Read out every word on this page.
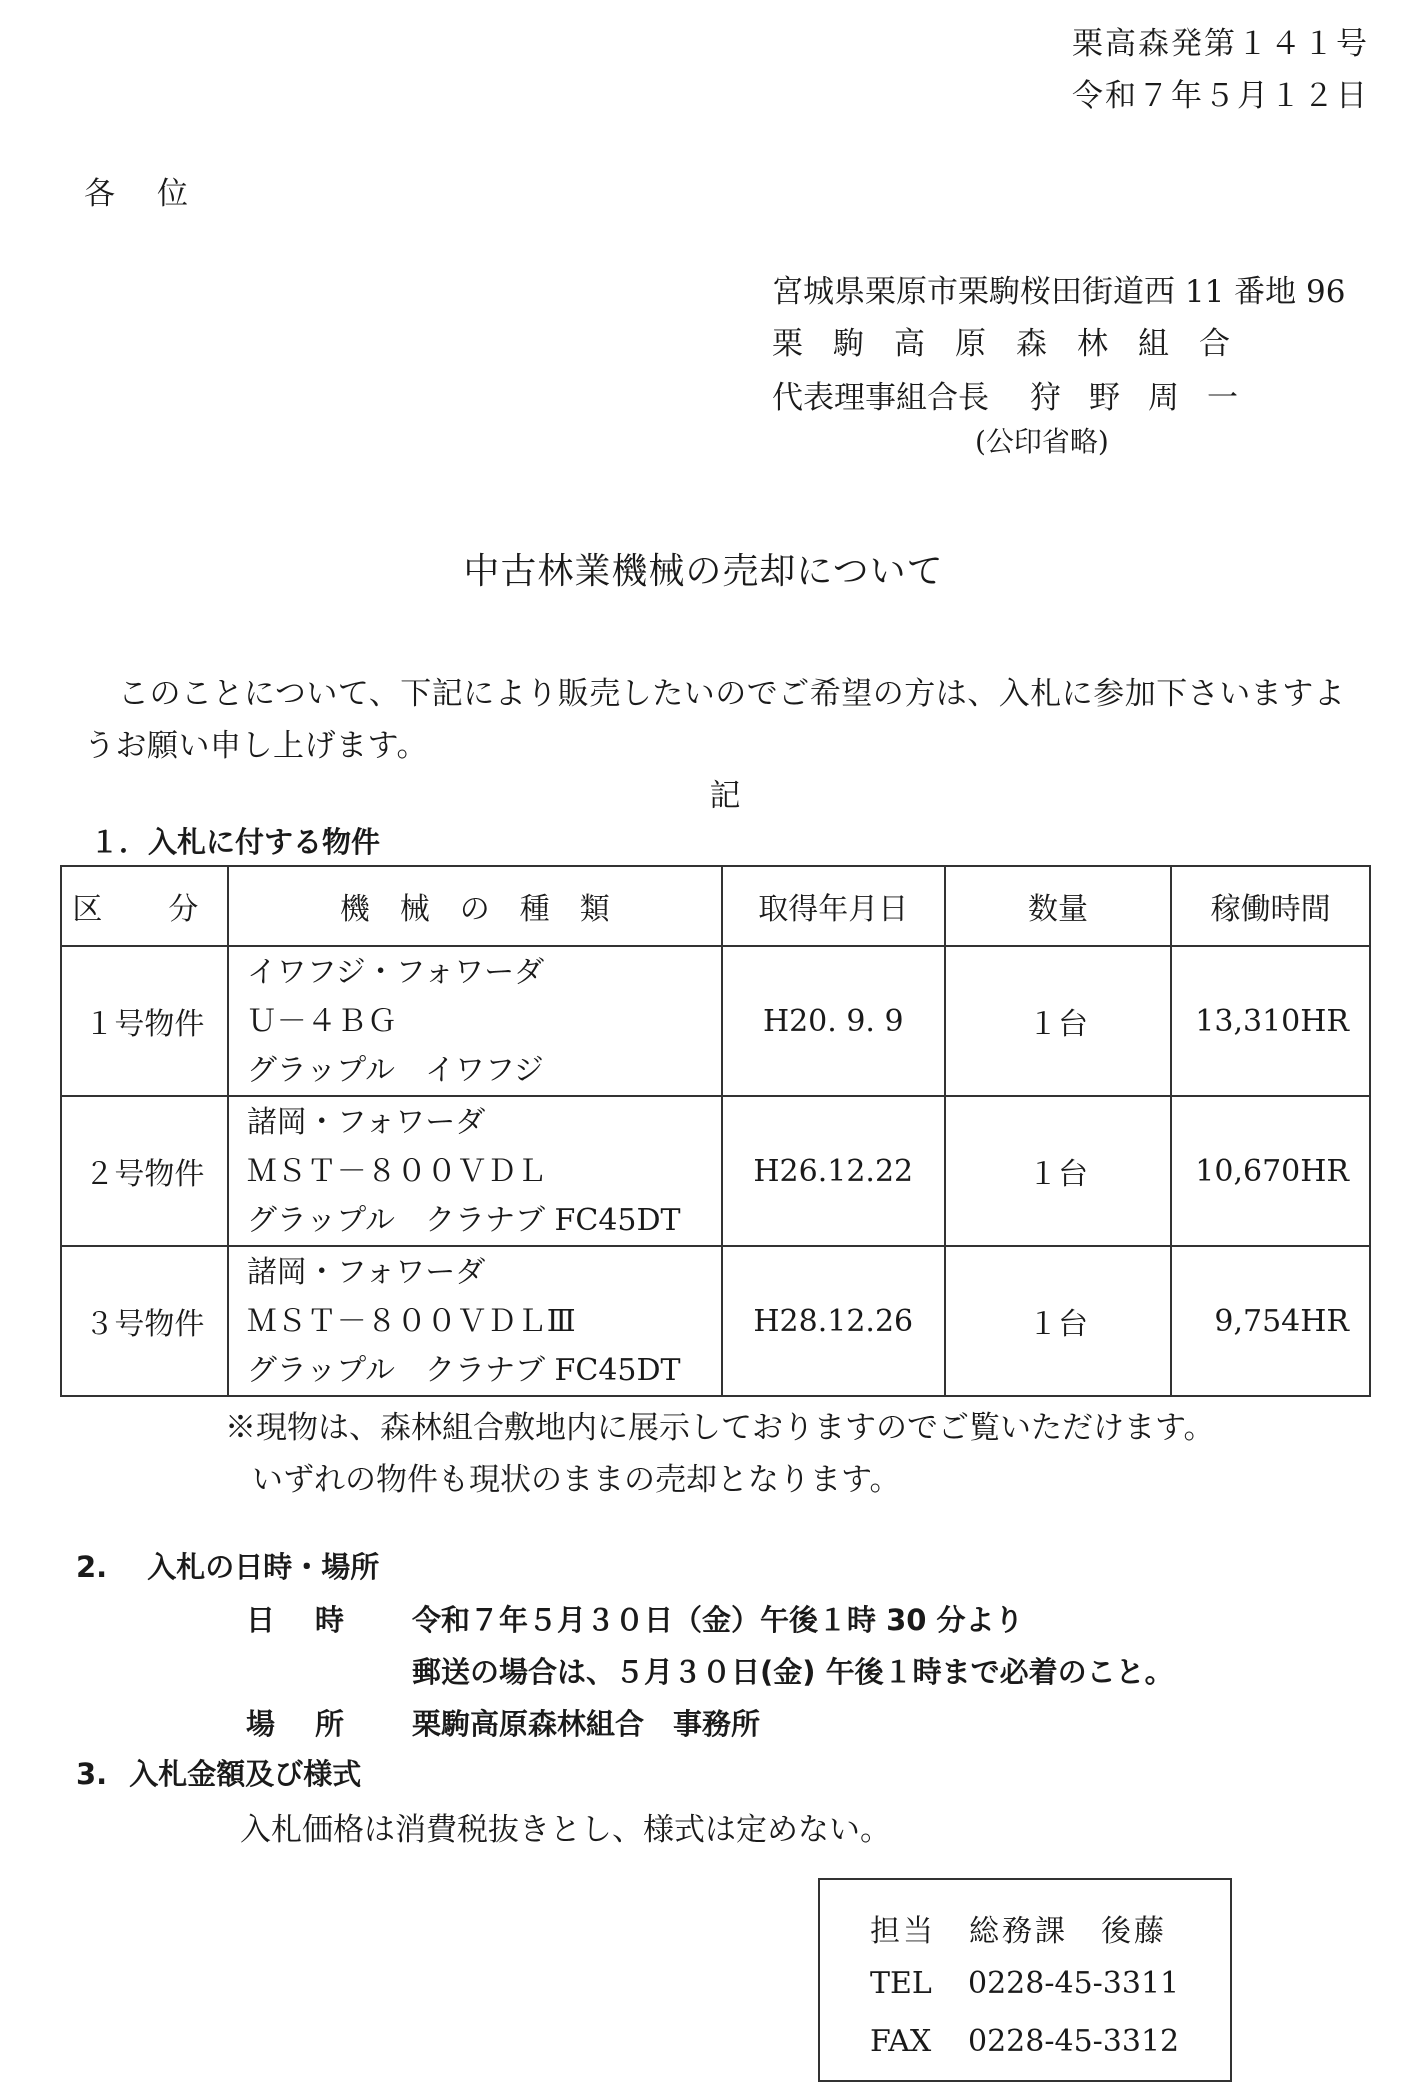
栗高森発第１４１号
令和７年５月１２日
各位
宮城県栗原市栗駒桜田街道西 11 番地 96
栗駒高原森林組合
代表理事組合長 狩野周一
(公印省略)
中古林業機械の売却について
このことについて、下記により販売したいのでご希望の方は、入札に参加下さいますようお願い申し上げます。
記
１．入札に付する物件
区　分	機　械　の　種　類	取得年月日	数量	稼働時間
１号物件	イワフジ・フォワーダ
Ｕ－４ＢＧ
グラップル　イワフジ	H20. 9. 9	１台	13,310HR
２号物件	諸岡・フォワーダ
ＭＳＴ－８００ＶＤＬ
グラップル　クラナブ FC45DT	H26.12.22	１台	10,670HR
３号物件	諸岡・フォワーダ
ＭＳＴ－８００ＶＤＬⅢ
グラップル　クラナブ FC45DT	H28.12.26	１台	9,754HR
※現物は、森林組合敷地内に展示しておりますのでご覧いただけます。
いずれの物件も現状のままの売却となります。
2. 入札の日時・場所
日時 令和７年５月３０日（金）午後１時 30 分より
郵送の場合は、５月３０日(金) 午後１時まで必着のこと。
場所 栗駒高原森林組合　事務所
3. 入札金額及び様式
入札価格は消費税抜きとし、様式は定めない。
担当　総務課　後藤
TEL 0228-45-3311
FAX 0228-45-3312
